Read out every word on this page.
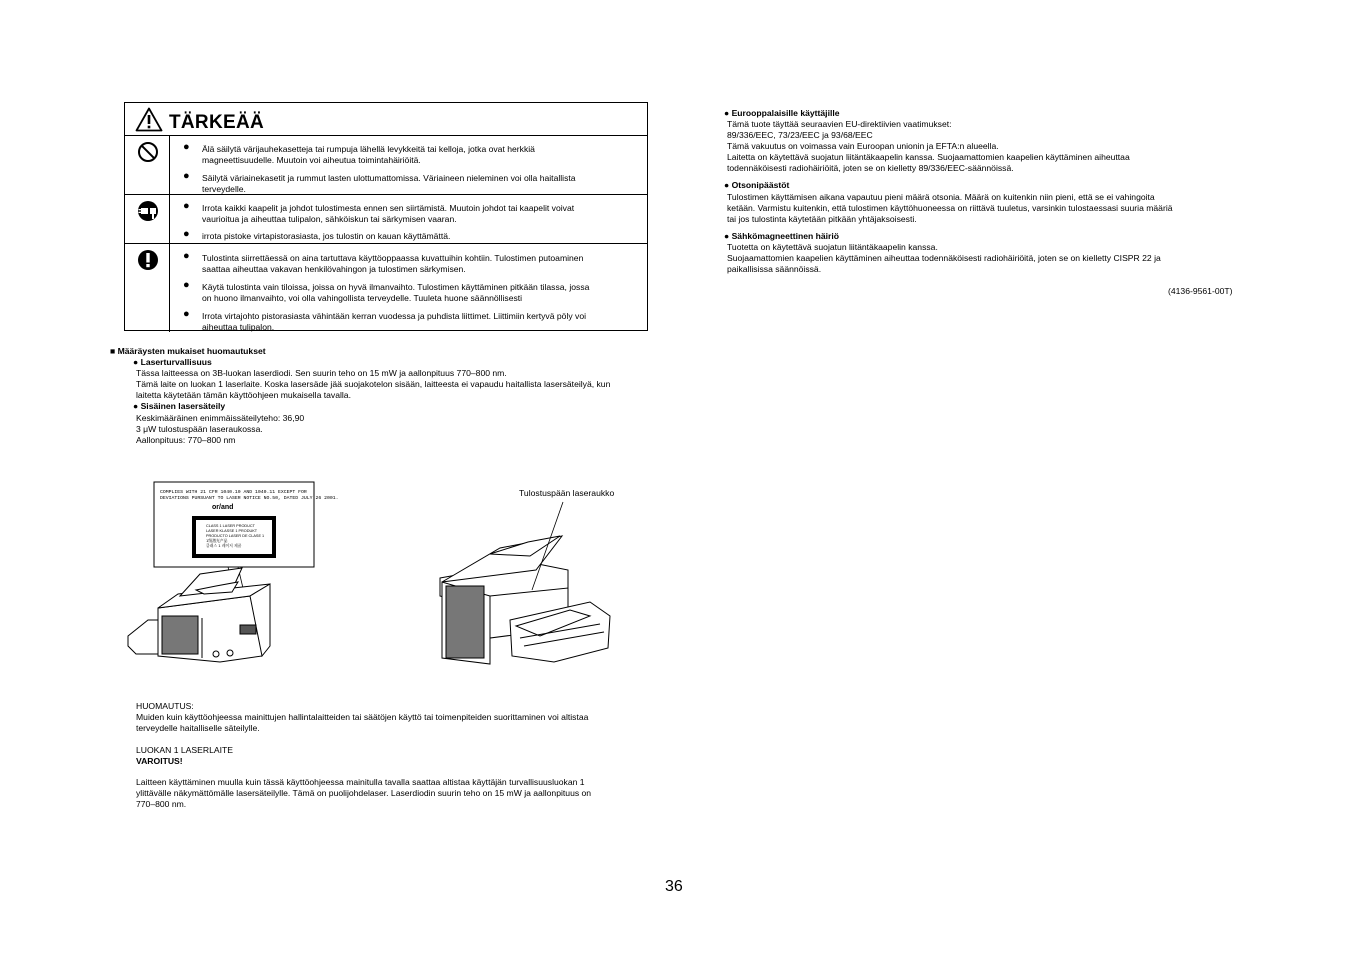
TÄRKEÄÄ
● Älä säilytä värijauhekasetteja tai rumpuja lähellä levykkeitä tai kelloja, jotka ovat herkkiä
magneettisuudelle. Muutoin voi aiheutua toimintahäiriöitä.
● Säilytä väriainekasetit ja rummut lasten ulottumattomissa. Väriaineen nieleminen voi olla haitallista
terveydelle.
● Irrota kaikki kaapelit ja johdot tulostimesta ennen sen siirtämistä. Muutoin johdot tai kaapelit voivat
vaurioitua ja aiheuttaa tulipalon, sähköiskun tai särkymisen vaaran.
● irrota pistoke virtapistorasiasta, jos tulostin on kauan käyttämättä.
● Tulostinta siirrettäessä on aina tartuttava käyttöoppaassa kuvattuihin kohtiin. Tulostimen putoaminen
saattaa aiheuttaa vakavan henkilövahingon ja tulostimen särkymisen.
● Käytä tulostinta vain tiloissa, joissa on hyvä ilmanvaihto. Tulostimen käyttäminen pitkään tilassa, jossa
on huono ilmanvaihto, voi olla vahingollista terveydelle. Tuuleta huone säännöllisesti
● Irrota virtajohto pistorasiasta vähintään kerran vuodessa ja puhdista liittimet. Liittimiin kertyvä pöly voi
aiheuttaa tulipalon.
■ Määräysten mukaiset huomautukset
● Laserturvallisuus
Tässa laitteessa on 3B-luokan laserdiodi. Sen suurin teho on 15 mW ja aallonpituus 770–800 nm.
Tämä laite on luokan 1 laserlaite. Koska lasersäde jää suojakotelon sisään, laitteesta ei vapaudu haitallista lasersäteilyä, kun
laitetta käytetään tämän käyttöohjeen mukaisella tavalla.
● Sisäinen lasersäteily
Keskimääräinen enimmäissäteilyteho: 36,90
3 μW tulostuspään laseraukossa.
Aallonpituus: 770–800 nm
COMPLIES WITH 21 CFR 1040.10 AND 1040.11 EXCEPT FOR
DEVIATIONS PURSUANT TO LASER NOTICE NO.50, DATED JULY 26 2001.
or/and
CLASS 1 LASER PRODUCT
LASER KLASSE 1 PRODUKT
PRODUCTO LASER DE CLASE 1
1级激光产品
클래스 1 레이저 제품
Tulostuspään laseraukko
HUOMAUTUS:
Muiden kuin käyttöohjeessa mainittujen hallintalaitteiden tai säätöjen käyttö tai toimenpiteiden suorittaminen voi altistaa
terveydelle haitalliselle säteilylle.
LUOKAN 1 LASERLAITE
VAROITUS!
Laitteen käyttäminen muulla kuin tässä käyttöohjeessa mainitulla tavalla saattaa altistaa käyttäjän turvallisuusluokan 1
ylittävälle näkymättömälle lasersäteilylle. Tämä on puolijohdelaser. Laserdiodin suurin teho on 15 mW ja aallonpituus on
770–800 nm.
● Eurooppalaisille käyttäjille
Tämä tuote täyttää seuraavien EU-direktiivien vaatimukset:
89/336/EEC, 73/23/EEC ja 93/68/EEC
Tämä vakuutus on voimassa vain Euroopan unionin ja EFTA:n alueella.
Laitetta on käytettävä suojatun liitäntäkaapelin kanssa. Suojaamattomien kaapelien käyttäminen aiheuttaa
todennäköisesti radiohäiriöitä, joten se on kielletty 89/336/EEC-säännöissä.
● Otsonipäästöt
Tulostimen käyttämisen aikana vapautuu pieni määrä otsonia. Määrä on kuitenkin niin pieni, että se ei vahingoita
ketään. Varmistu kuitenkin, että tulostimen käyttöhuoneessa on riittävä tuuletus, varsinkin tulostaessasi suuria määriä
tai jos tulostinta käytetään pitkään yhtäjaksoisesti.
● Sähkömagneettinen häiriö
Tuotetta on käytettävä suojatun liitäntäkaapelin kanssa.
Suojaamattomien kaapelien käyttäminen aiheuttaa todennäköisesti radiohäiriöitä, joten se on kielletty CISPR 22 ja
paikallisissa säännöissä.
(4136-9561-00T)
36
